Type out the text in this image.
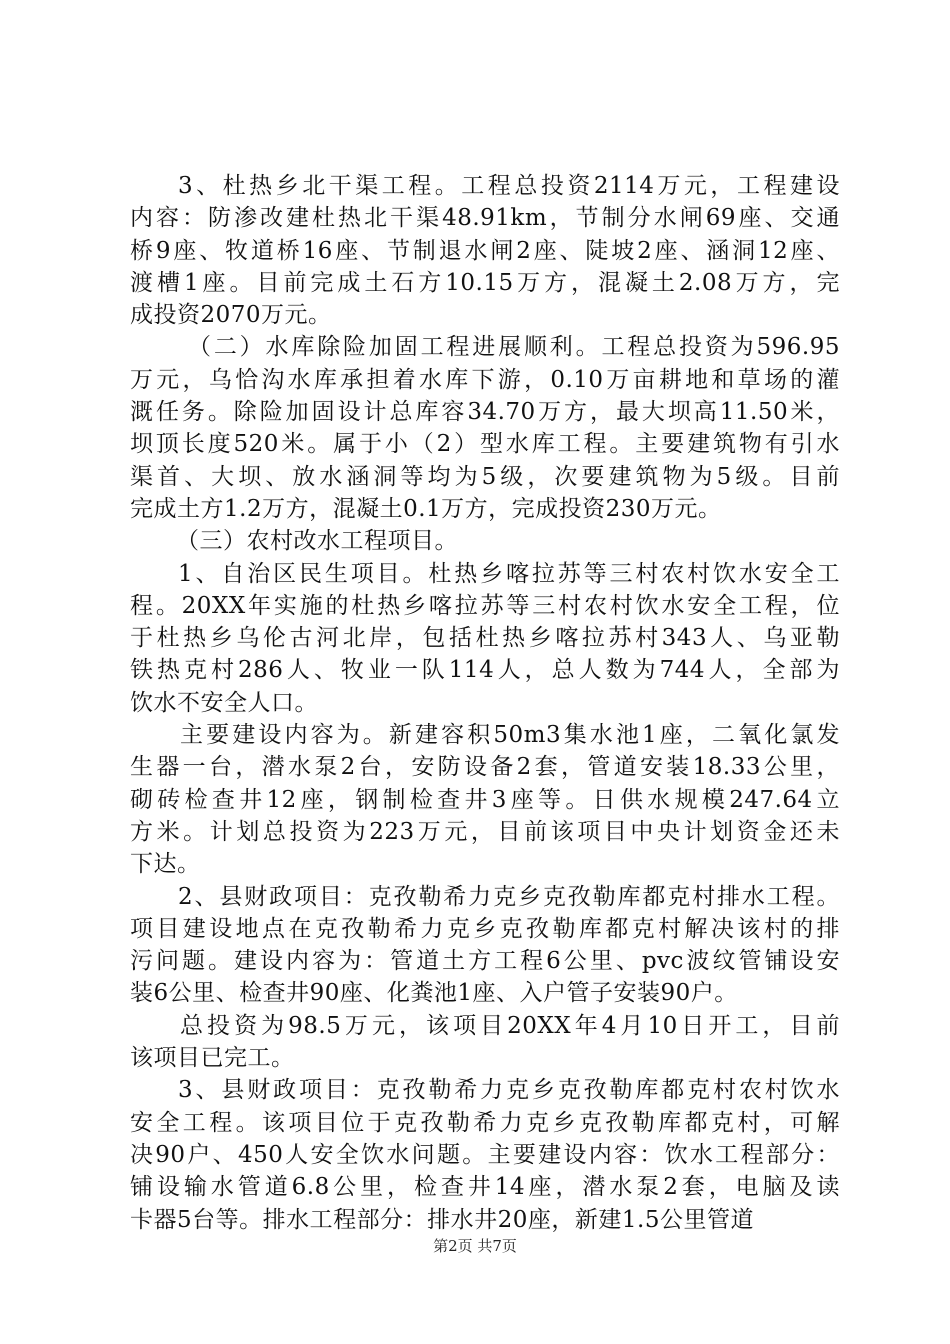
3、杜热乡北干渠工程。工程总投资2114万元，工程建设
内容：防渗改建杜热北干渠48.91km，节制分水闸69座、交通
桥9座、牧道桥16座、节制退水闸2座、陡坡2座、涵洞12座、
渡槽1座。目前完成土石方10.15万方，混凝土2.08万方，完
成投资2070万元。
（二）水库除险加固工程进展顺利。工程总投资为596.95
万元，乌恰沟水库承担着水库下游，0.10万亩耕地和草场的灌
溉任务。除险加固设计总库容34.70万方，最大坝高11.50米，
坝顶长度520米。属于小（2）型水库工程。主要建筑物有引水
渠首、大坝、放水涵洞等均为5级，次要建筑物为5级。目前
完成土方1.2万方，混凝土0.1万方，完成投资230万元。
（三）农村改水工程项目。
1、自治区民生项目。杜热乡喀拉苏等三村农村饮水安全工
程。20XX年实施的杜热乡喀拉苏等三村农村饮水安全工程，位
于杜热乡乌伦古河北岸，包括杜热乡喀拉苏村343人、乌亚勒
铁热克村286人、牧业一队114人，总人数为744人，全部为
饮水不安全人口。
主要建设内容为。新建容积50m3集水池1座，二氧化氯发
生器一台，潜水泵2台，安防设备2套，管道安装18.33公里，
砌砖检查井12座，钢制检查井3座等。日供水规模247.64立
方米。计划总投资为223万元，目前该项目中央计划资金还未
下达。
2、县财政项目：克孜勒希力克乡克孜勒库都克村排水工程。
项目建设地点在克孜勒希力克乡克孜勒库都克村解决该村的排
污问题。建设内容为：管道土方工程6公里、pvc波纹管铺设安
装6公里、检查井90座、化粪池1座、入户管子安装90户。
总投资为98.5万元，该项目20XX年4月10日开工，目前
该项目已完工。
3、县财政项目：克孜勒希力克乡克孜勒库都克村农村饮水
安全工程。该项目位于克孜勒希力克乡克孜勒库都克村，可解
决90户、450人安全饮水问题。主要建设内容：饮水工程部分：
铺设输水管道6.8公里，检查井14座，潜水泵2套，电脑及读
卡器5台等。排水工程部分：排水井20座，新建1.5公里管道
第2页 共7页
